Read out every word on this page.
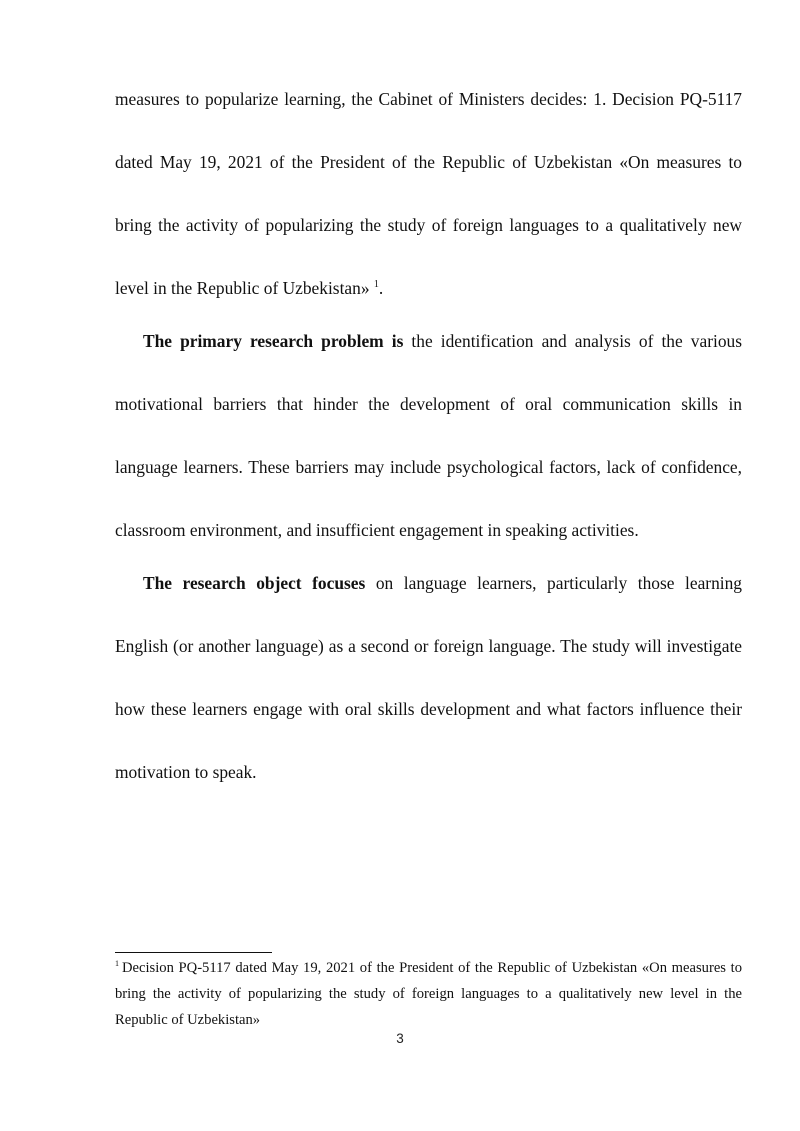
measures to popularize learning, the Cabinet of Ministers decides: 1. Decision PQ-5117 dated May 19, 2021 of the President of the Republic of Uzbekistan «On measures to bring the activity of popularizing the study of foreign languages to a qualitatively new level in the Republic of Uzbekistan» $^1$.

The primary research problem is the identification and analysis of the various motivational barriers that hinder the development of oral communication skills in language learners. These barriers may include psychological factors, lack of confidence, classroom environment, and insufficient engagement in speaking activities.

The research object focuses on language learners, particularly those learning English (or another language) as a second or foreign language. The study will investigate how these learners engage with oral skills development and what factors influence their motivation to speak.

$^1$ Decision PQ-5117 dated May 19, 2021 of the President of the Republic of Uzbekistan «On measures to bring the activity of popularizing the study of foreign languages to a qualitatively new level in the Republic of Uzbekistan»

3
